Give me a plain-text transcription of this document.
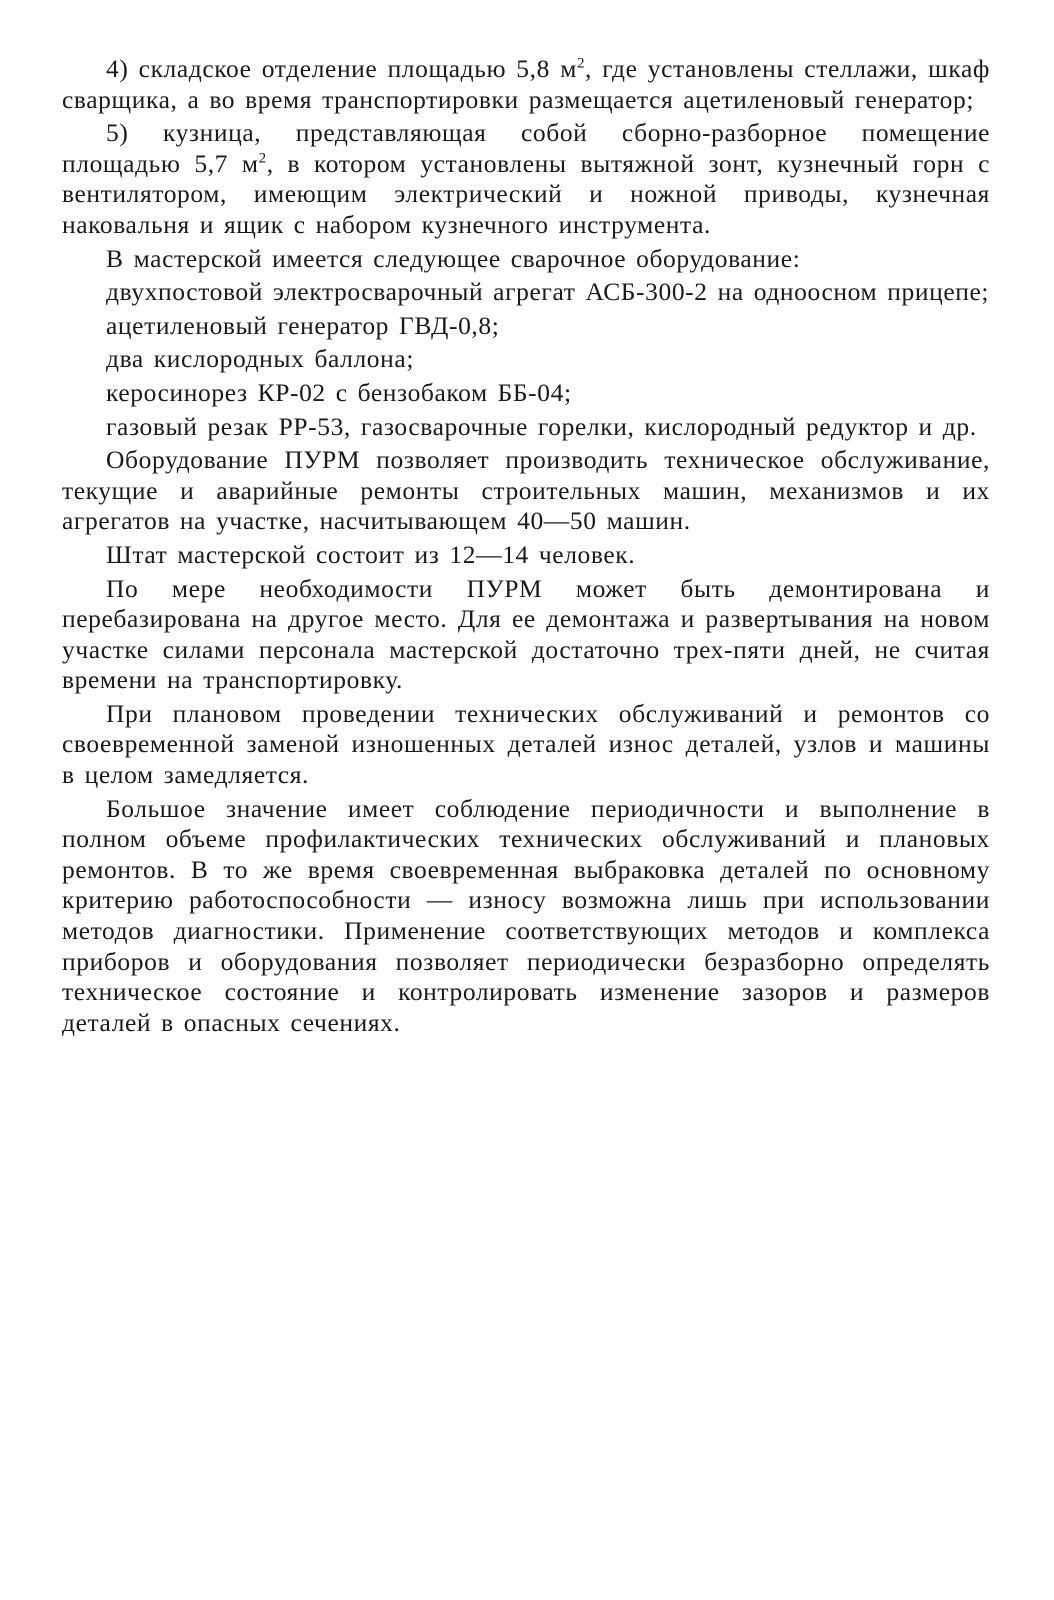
4) складское отделение площадью 5,8 $м^2$, где установлены стеллажи, шкаф сварщика, а во время транспортировки размещается ацетиленовый генератор;

5) кузница, представляющая собой сборно-разборное помещение площадью 5,7 $м^2$, в котором установлены вытяжной зонт, кузнечный горн с вентилятором, имеющим электрический и ножной приводы, кузнечная наковальня и ящик с набором кузнечного инструмента.

В мастерской имеется следующее сварочное оборудование:

двухпостовой электросварочный агрегат АСБ-300-2 на одноосном прицепе;

ацетиленовый генератор ГВД-0,8;

два кислородных баллона;

керосинорез КР-02 с бензобаком ББ-04;

газовый резак РР-53, газосварочные горелки, кислородный редуктор и др.

Оборудование ПУРМ позволяет производить техническое обслуживание, текущие и аварийные ремонты строительных машин, механизмов и их агрегатов на участке, насчитывающем 40—50 машин.

Штат мастерской состоит из 12—14 человек.

По мере необходимости ПУРМ может быть демонтирована и перебазирована на другое место. Для ее демонтажа и развертывания на новом участке силами персонала мастерской достаточно трех-пяти дней, не считая времени на транспортировку.

При плановом проведении технических обслуживаний и ремонтов со своевременной заменой изношенных деталей износ деталей, узлов и машины в целом замедляется.

Большое значение имеет соблюдение периодичности и выполнение в полном объеме профилактических технических обслуживаний и плановых ремонтов. В то же время своевременная выбраковка деталей по основному критерию работоспособности — износу возможна лишь при использовании методов диагностики. Применение соответствующих методов и комплекса приборов и оборудования позволяет периодически безразборно определять техническое состояние и контролировать изменение зазоров и размеров деталей в опасных сечениях.
